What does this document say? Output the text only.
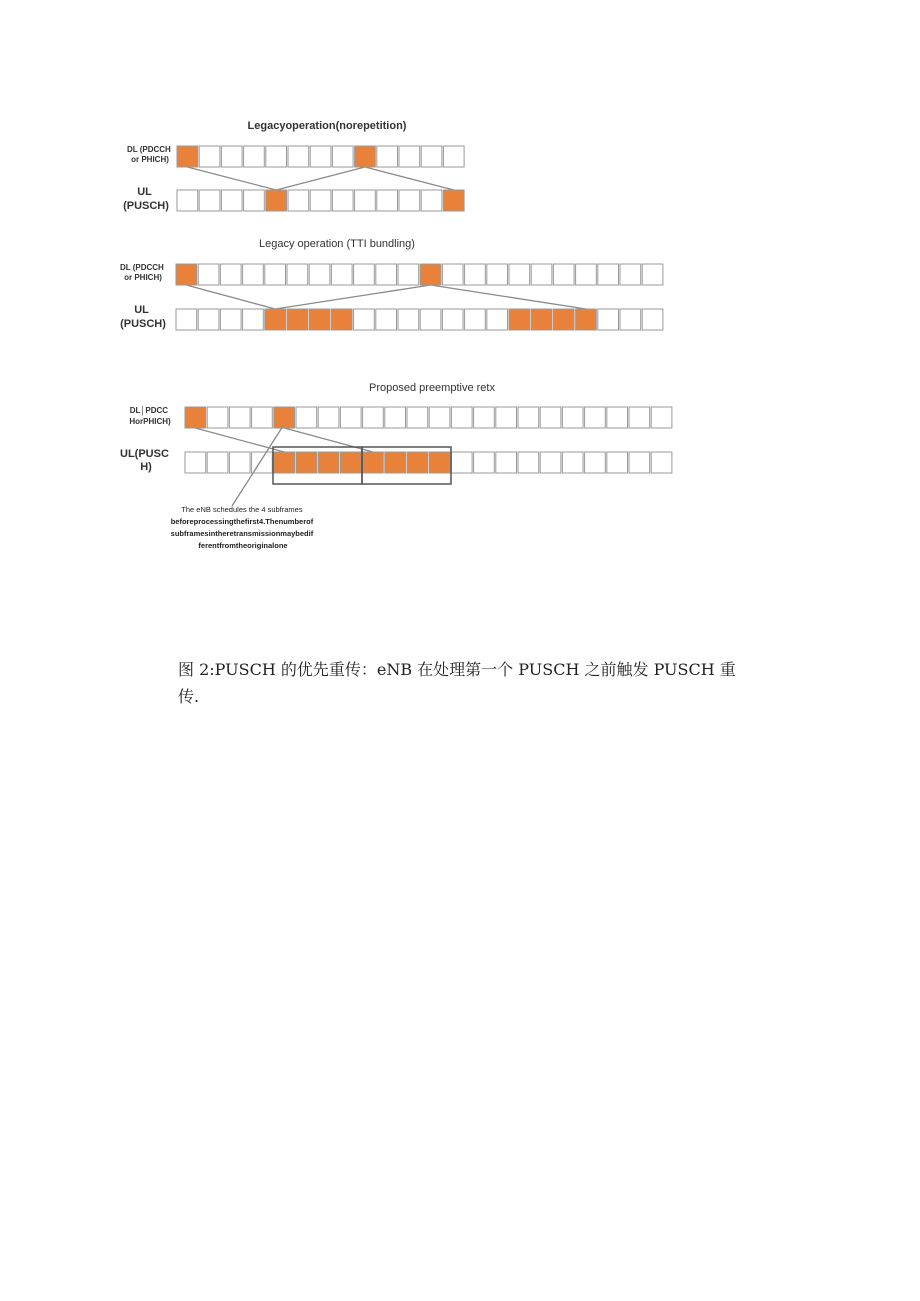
Legacyoperation(norepetition)
DL (PDCCH or PHICH)
UL (PUSCH)
Legacy operation (TTI bundling)
DL (PDCCH or PHICH)
UL (PUSCH)
Proposed preemptive retx
DL│PDCC HorPHICH)
UL(PUSC H)
The eNB schedules the 4 subframes beforeprocessingthefirst4.Thenumberof subframesintheretransmissionmaybedif ferentfromtheoriginalone

图 2:PUSCH 的优先重传：eNB 在处理第一个 PUSCH 之前触发 PUSCH 重传.
